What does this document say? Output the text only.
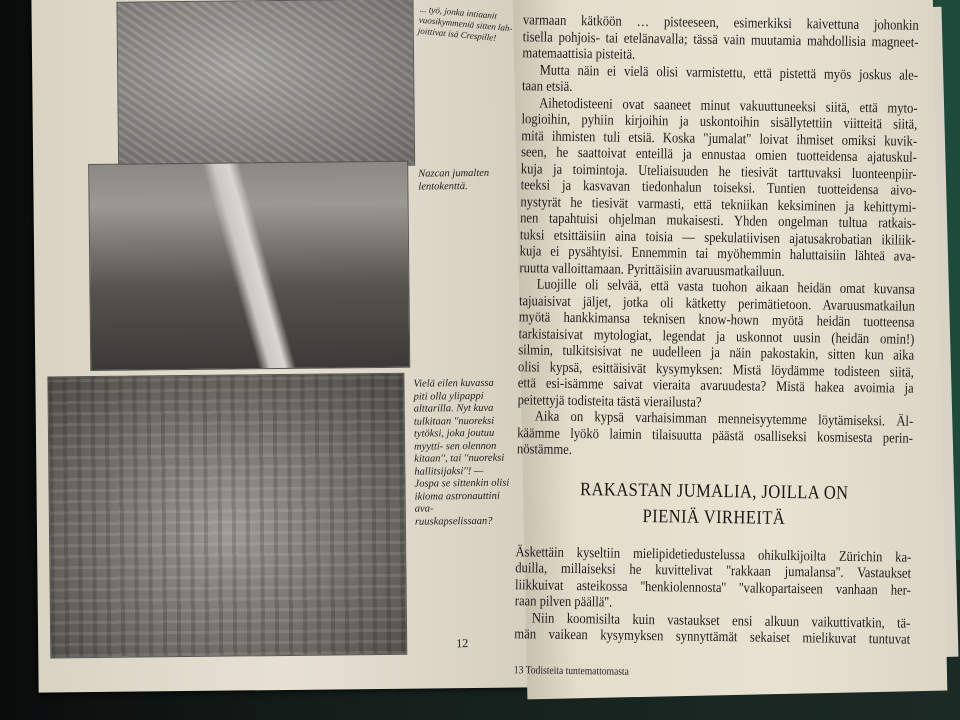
... työ, jonka intiaanit vuosikymmeniä sitten lah- joittivat isä Crespille!
Nazcan jumalten lentokenttä.
Vielä eilen kuvassa piti olla ylipappi alttarilla. Nyt kuva tulkitaan ''nuoreksi tytöksi, joka joutuu myytti- sen olennon kitaan'', tai ''nuoreksi hallitsijaksi''! — Jospa se sittenkin olisi ikioma astronauttini ava- ruuskapselissaan?
12
varmaan kätköön … pisteeseen, esimerkiksi kaivettuna johonkin
tisella pohjois- tai etelänavalla; tässä vain muutamia mahdollisia magneet-
matemaattisia pisteitä.
Mutta näin ei vielä olisi varmistettu, että pistettä myös joskus ale-
taan etsiä.
Aihetodisteeni ovat saaneet minut vakuuttuneeksi siitä, että myto-
logioihin, pyhiin kirjoihin ja uskontoihin sisällytettiin viitteitä siitä,
mitä ihmisten tuli etsiä. Koska "jumalat" loivat ihmiset omiksi kuvik-
seen, he saattoivat enteillä ja ennustaa omien tuotteidensa ajatuskul-
kuja ja toimintoja. Uteliaisuuden he tiesivät tarttuvaksi luonteenpiir-
teeksi ja kasvavan tiedonhalun toiseksi. Tuntien tuotteidensa aivo-
nystyrät he tiesivät varmasti, että tekniikan keksiminen ja kehittymi-
nen tapahtuisi ohjelman mukaisesti. Yhden ongelman tultua ratkais-
tuksi etsittäisiin aina toisia — spekulatiivisen ajatusakrobatian ikiliik-
kuja ei pysähtyisi. Ennemmin tai myöhemmin haluttaisiin lähteä ava-
ruutta valloittamaan. Pyrittäisiin avaruusmatkailuun.
Luojille oli selvää, että vasta tuohon aikaan heidän omat kuvansa
tajuaisivat jäljet, jotka oli kätketty perimätietoon. Avaruusmatkailun
myötä hankkimansa teknisen know-hown myötä heidän tuotteensa
tarkistaisivat mytologiat, legendat ja uskonnot uusin (heidän omin!)
silmin, tulkitsisivat ne uudelleen ja näin pakostakin, sitten kun aika
olisi kypsä, esittäisivät kysymyksen: Mistä löydämme todisteen siitä,
että esi-isämme saivat vieraita avaruudesta? Mistä hakea avoimia ja
peitettyjä todisteita tästä vierailusta?
Aika on kypsä varhaisimman menneisyytemme löytämiseksi. Äl-
käämme lyökö laimin tilaisuutta päästä osalliseksi kosmisesta perin-
nöstämme.
RAKASTAN JUMALIA, JOILLA ON
PIENIÄ VIRHEITÄ
Äskettäin kyseltiin mielipidetiedustelussa ohikulkijoilta Zürichin ka-
duilla, millaiseksi he kuvittelivat ''rakkaan jumalansa''. Vastaukset
liikkuivat asteikossa ''henkiolennosta'' ''valkopartaiseen vanhaan her-
raan pilven päällä''.
Niin koomisilta kuin vastaukset ensi alkuun vaikuttivatkin, tä-
män vaikean kysymyksen synnyttämät sekaiset mielikuvat tuntuvat
13 Todisteita tuntemattomasta
